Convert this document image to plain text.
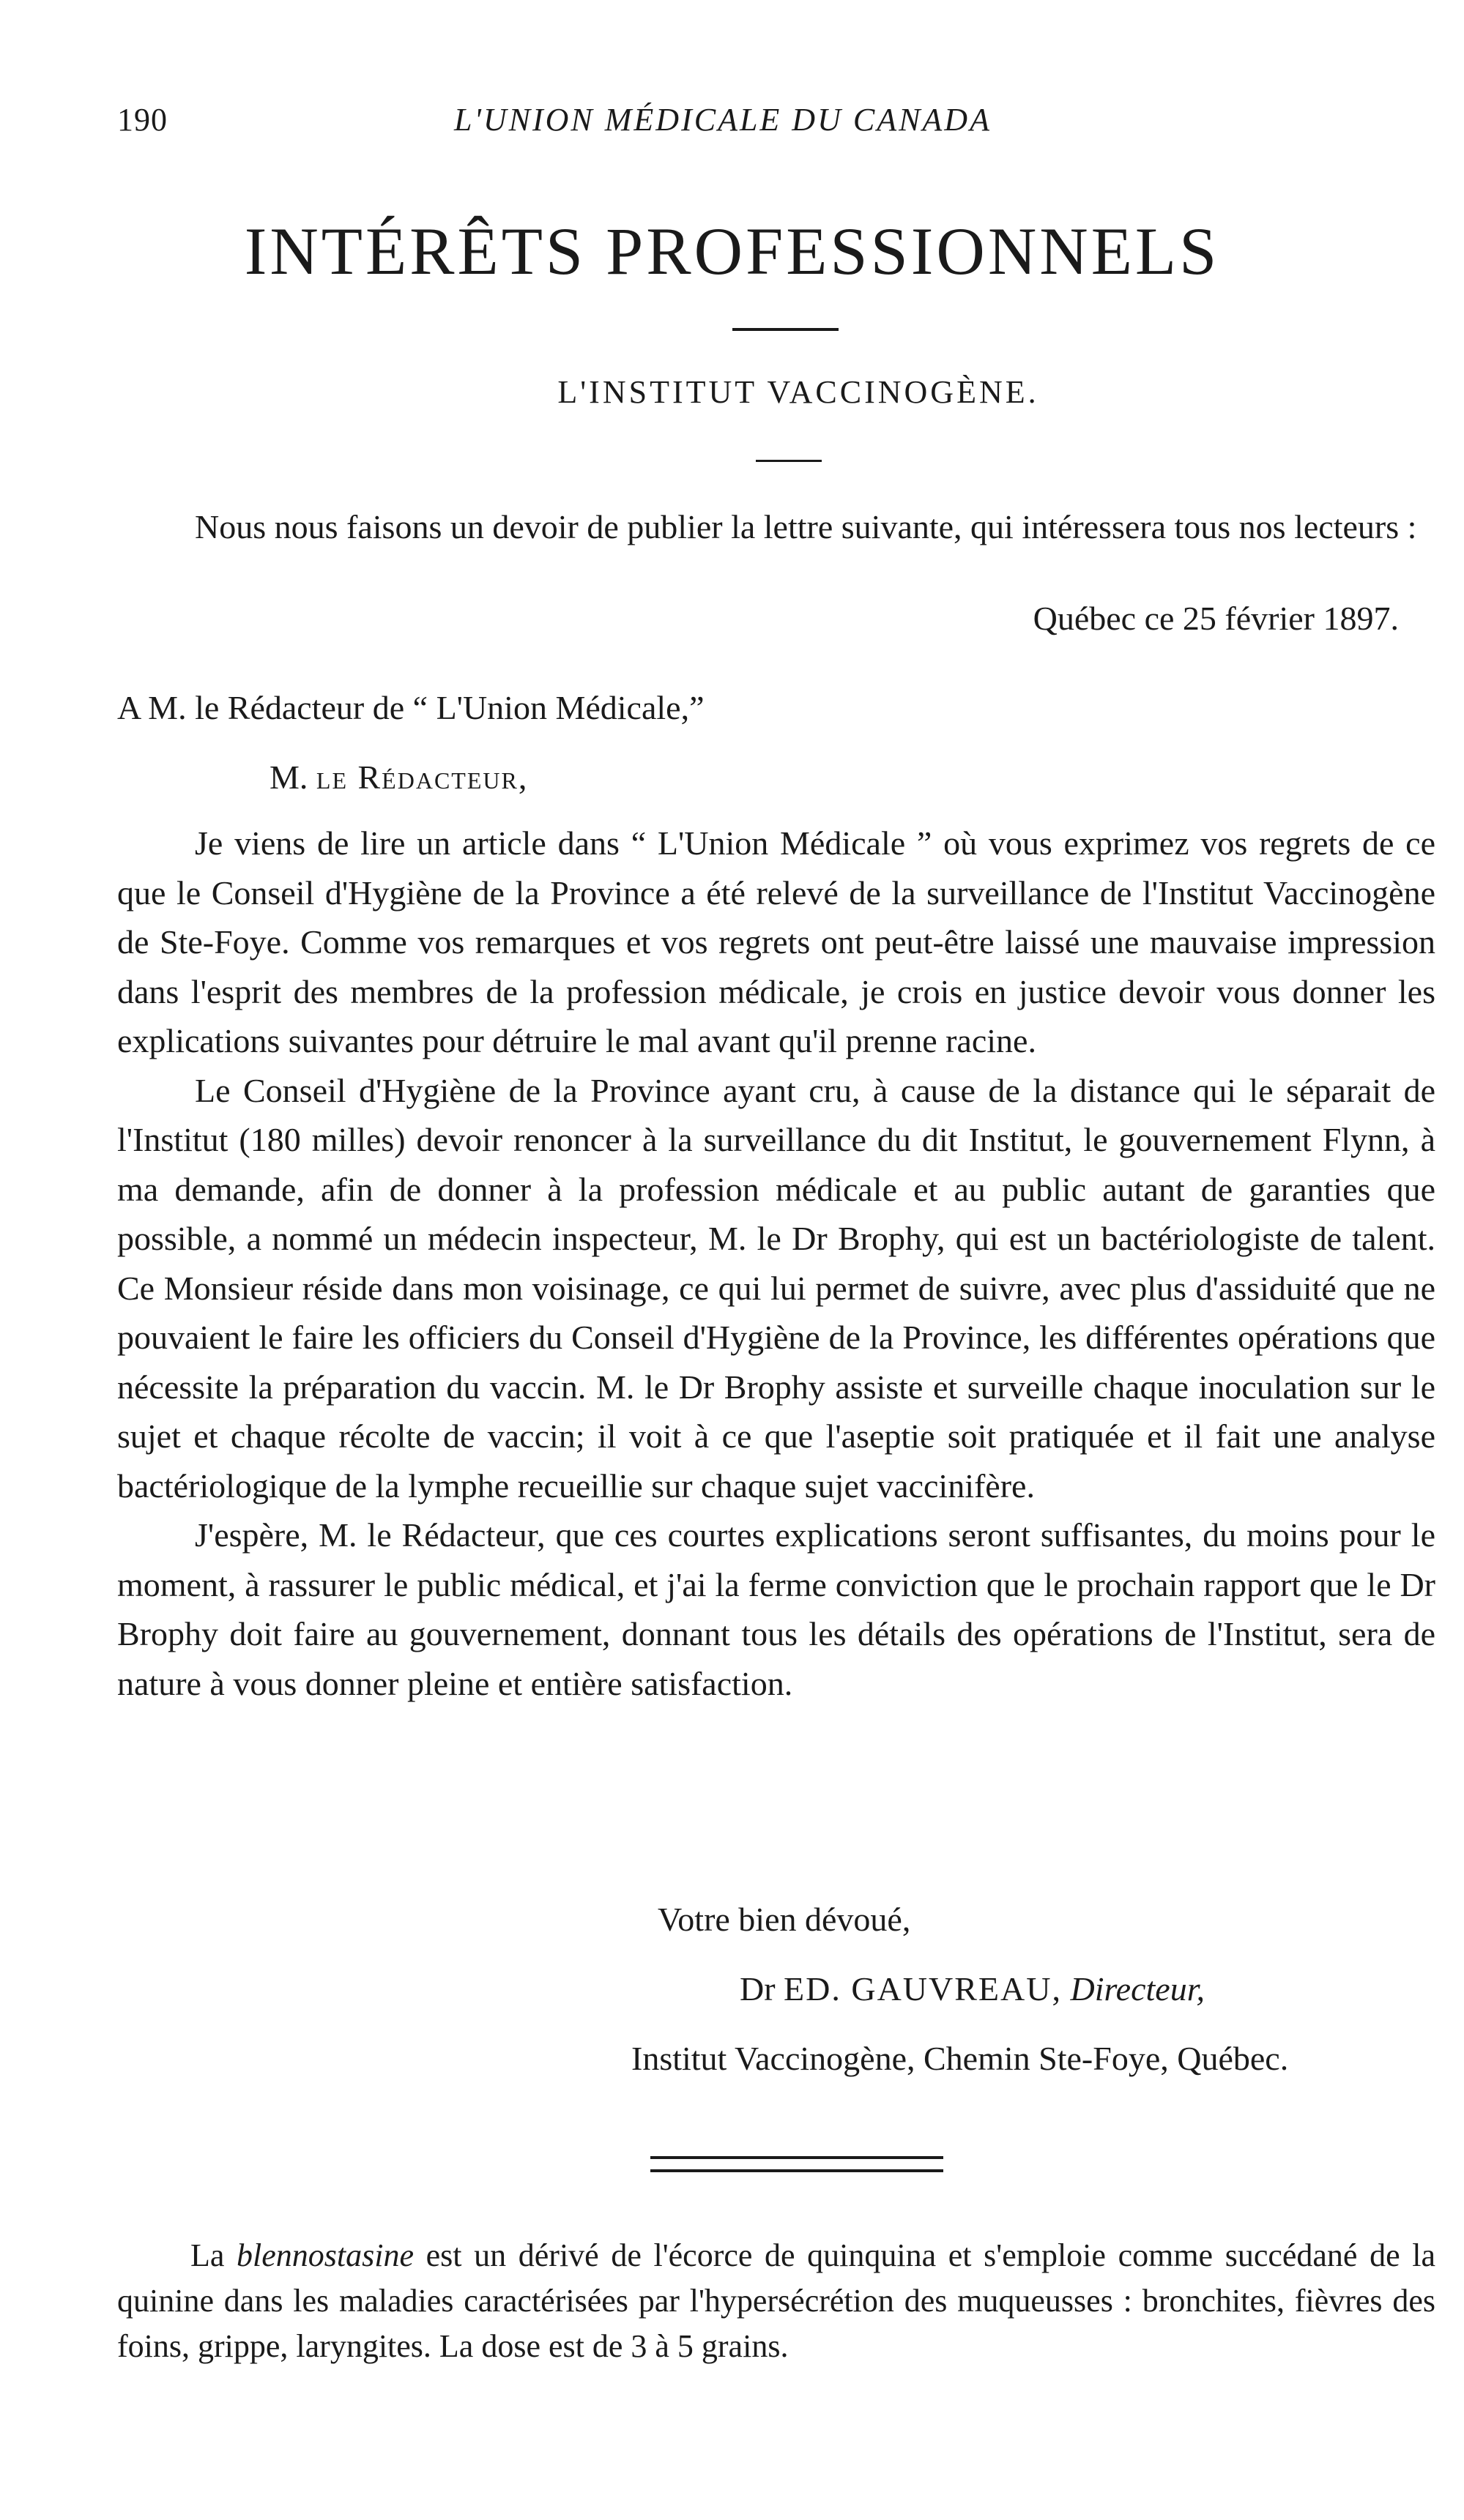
190	L'UNION MÉDICALE DU CANADA
INTÉRÊTS PROFESSIONNELS
L'INSTITUT VACCINOGÈNE.
Nous nous faisons un devoir de publier la lettre suivante, qui intéressera tous nos lecteurs :
Québec ce 25 février 1897.
A M. le Rédacteur de “ L'Union Médicale,”
M. le Rédacteur,

Je viens de lire un article dans “ L'Union Médicale ” où vous exprimez vos regrets de ce que le Conseil d'Hygiène de la Province a été relevé de la surveillance de l'Institut Vaccinogène de Ste-Foye. Comme vos remarques et vos regrets ont peut-être laissé une mauvaise impression dans l'esprit des membres de la profession médicale, je crois en justice devoir vous donner les explications suivantes pour détruire le mal avant qu'il prenne racine.

Le Conseil d'Hygiène de la Province ayant cru, à cause de la distance qui le séparait de l'Institut (180 milles) devoir renoncer à la surveillance du dit Institut, le gouvernement Flynn, à ma demande, afin de donner à la profession médicale et au public autant de garanties que possible, a nommé un médecin inspecteur, M. le Dr Brophy, qui est un bactériologiste de talent. Ce Monsieur réside dans mon voisinage, ce qui lui permet de suivre, avec plus d'assiduité que ne pouvaient le faire les officiers du Conseil d'Hygiène de la Province, les différentes opérations que nécessite la préparation du vaccin. M. le Dr Brophy assiste et surveille chaque inoculation sur le sujet et chaque récolte de vaccin; il voit à ce que l'aseptie soit pratiquée et il fait une analyse bactériologique de la lymphe recueillie sur chaque sujet vaccinifère.

J'espère, M. le Rédacteur, que ces courtes explications seront suffisantes, du moins pour le moment, à rassurer le public médical, et j'ai la ferme conviction que le prochain rapport que le Dr Brophy doit faire au gouvernement, donnant tous les détails des opérations de l'Institut, sera de nature à vous donner pleine et entière satisfaction.

Votre bien dévoué,
Dr ED. GAUVREAU, Directeur,
Institut Vaccinogène, Chemin Ste-Foye, Québec.
La blennostasine est un dérivé de l'écorce de quinquina et s'emploie comme succédané de la quinine dans les maladies caractérisées par l'hypersécrétion des muqueusses : bronchites, fièvres des foins, grippe, laryngites. La dose est de 3 à 5 grains.
